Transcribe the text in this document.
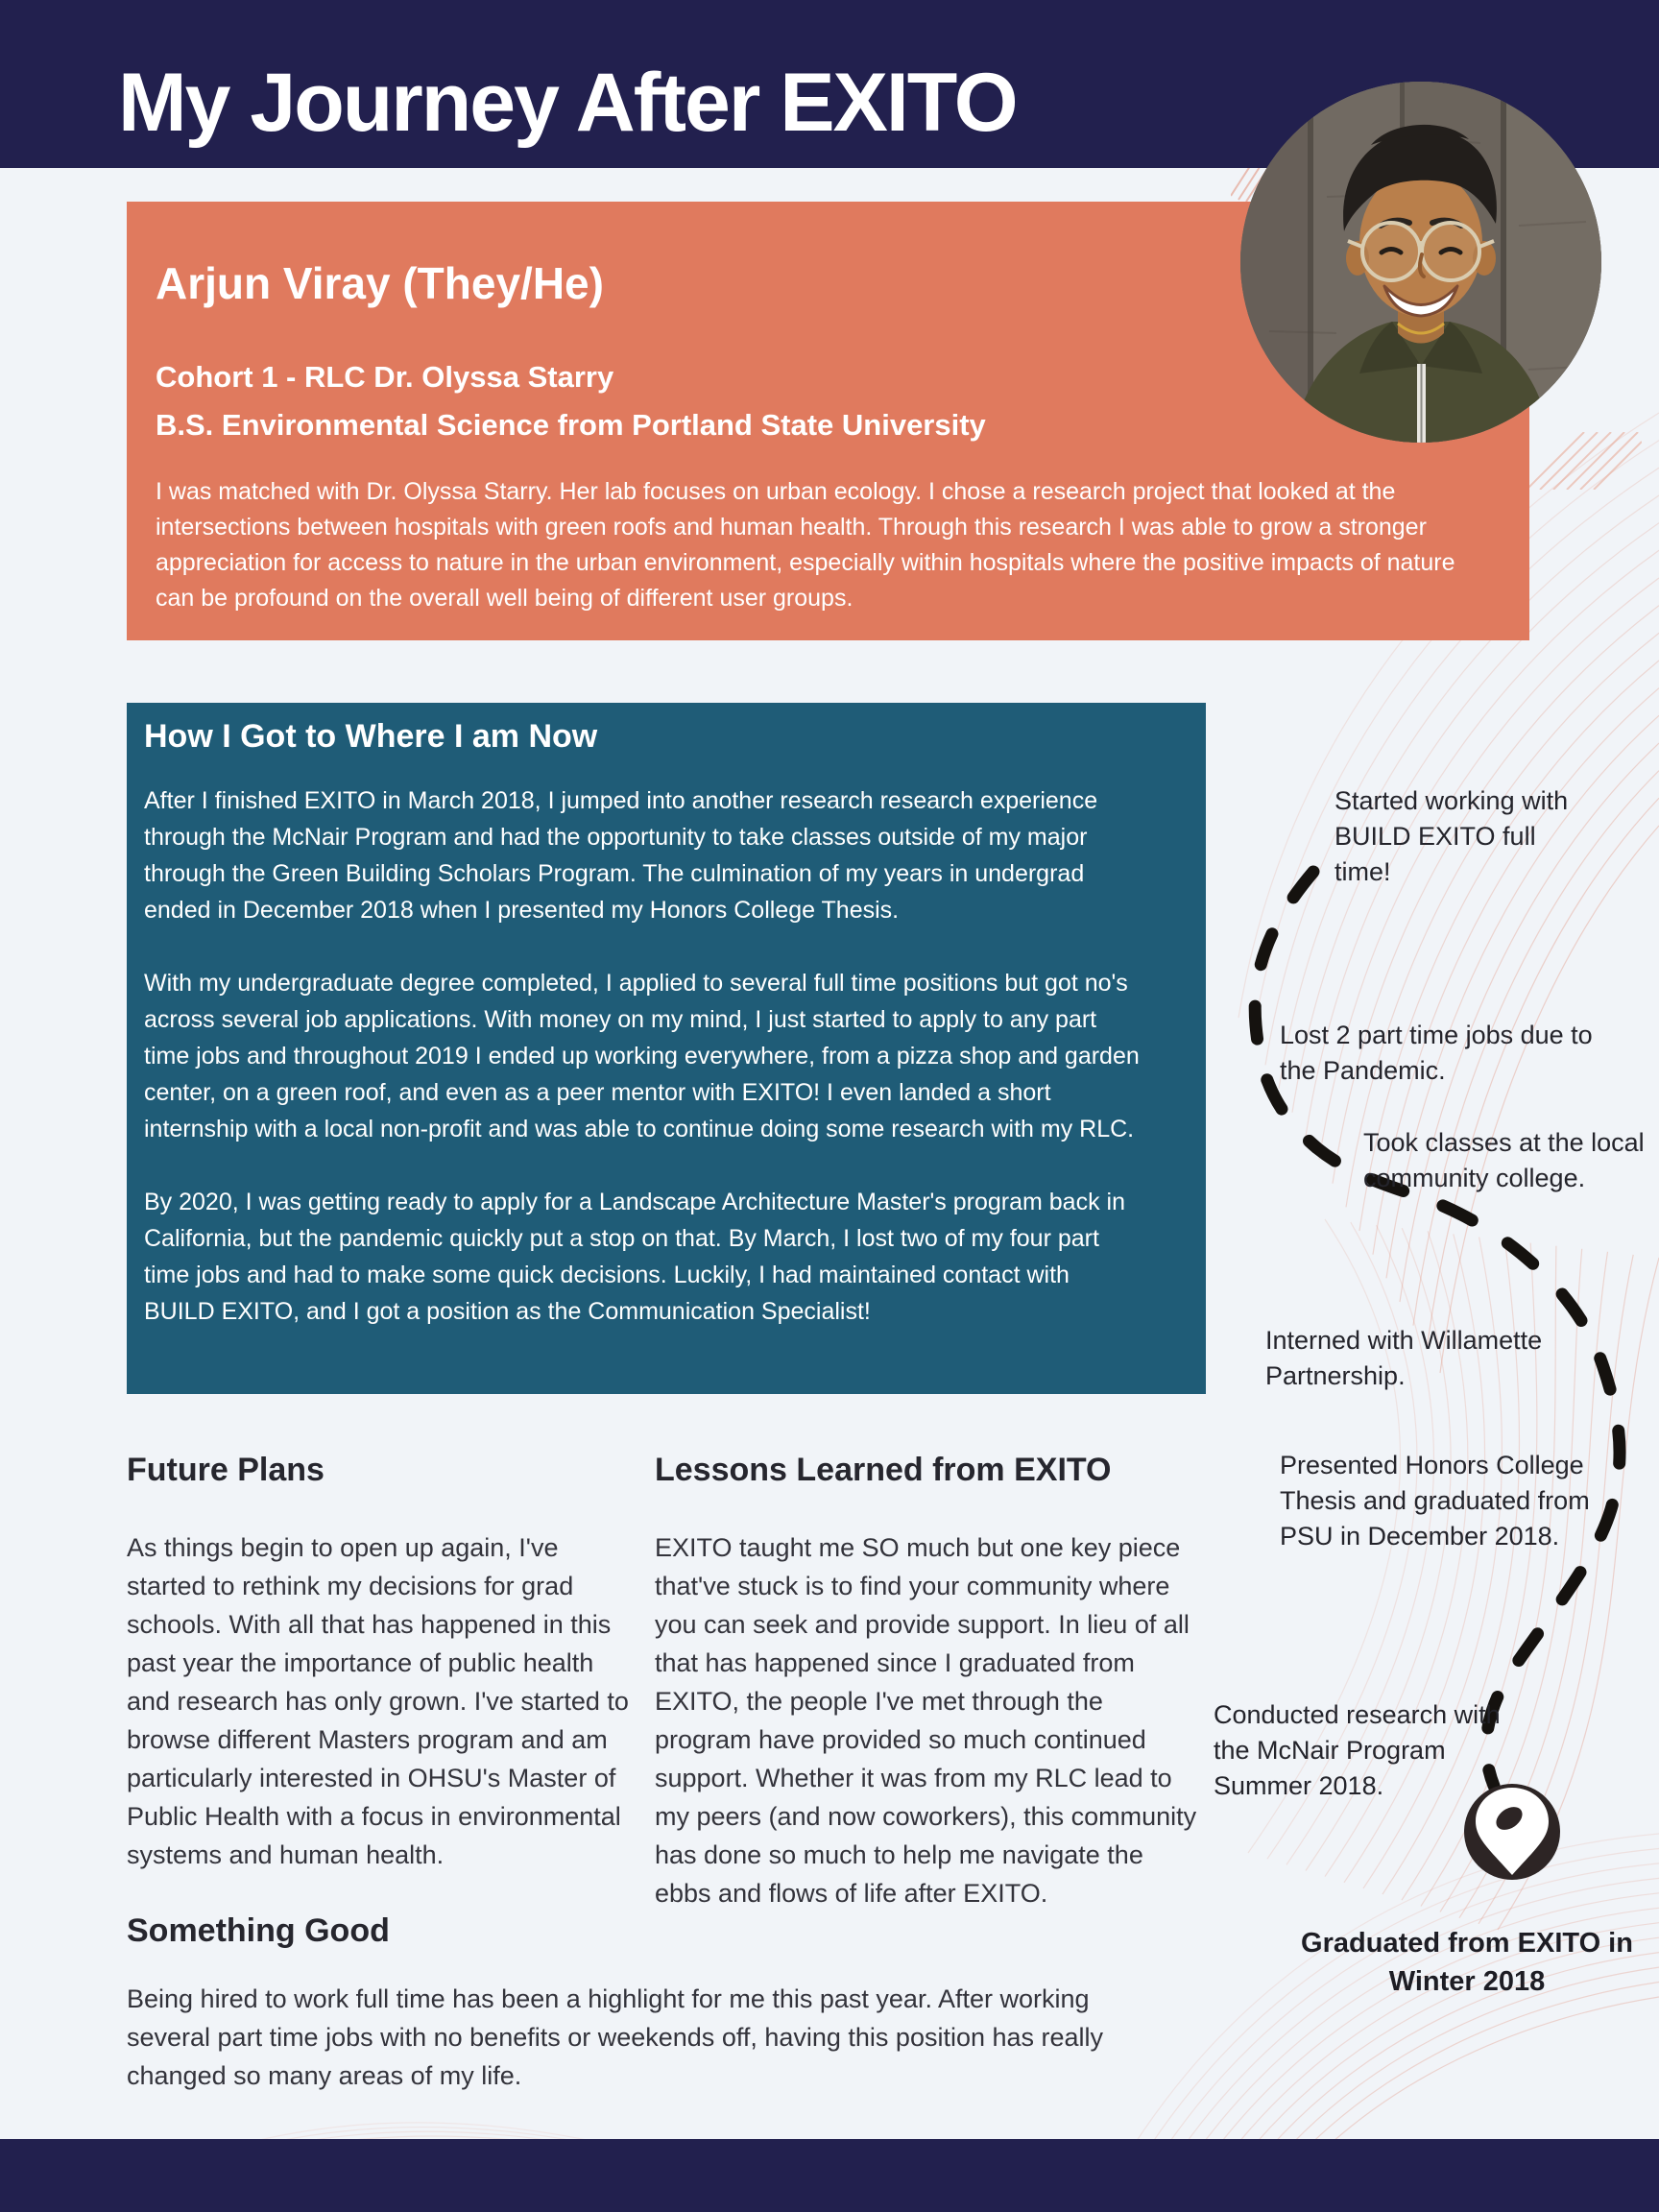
My Journey After EXITO
Arjun Viray (They/He)
Cohort 1 - RLC Dr. Olyssa Starry
B.S. Environmental Science from Portland State University

I was matched with Dr. Olyssa Starry. Her lab focuses on urban ecology. I chose a research project that looked at the intersections between hospitals with green roofs and human health. Through this research I was able to grow a stronger appreciation for access to nature in the urban environment, especially within hospitals where the positive impacts of nature can be profound on the overall well being of different user groups.

How I Got to Where I am Now

After I finished EXITO in March 2018, I jumped into another research research experience through the McNair Program and had the opportunity to take classes outside of my major through the Green Building Scholars Program. The culmination of my years in undergrad ended in December 2018 when I presented my Honors College Thesis.

With my undergraduate degree completed, I applied to several full time positions but got no's across several job applications. With money on my mind, I just started to apply to any part time jobs and throughout 2019 I ended up working everywhere, from a pizza shop and garden center, on a green roof, and even as a peer mentor with EXITO! I even landed a short internship with a local non-profit and was able to continue doing some research with my RLC.

By 2020, I was getting ready to apply for a Landscape Architecture Master's program back in California, but the pandemic quickly put a stop on that. By March, I lost two of my four part time jobs and had to make some quick decisions. Luckily, I had maintained contact with BUILD EXITO, and I got a position as the Communication Specialist!

Started working with BUILD EXITO full time!
Lost 2 part time jobs due to the Pandemic.
Took classes at the local community college.
Interned with Willamette Partnership.
Presented Honors College Thesis and graduated from PSU in December 2018.
Conducted research with the McNair Program Summer 2018.
Graduated from EXITO in Winter 2018
Future Plans

As things begin to open up again, I've started to rethink my decisions for grad schools. With all that has happened in this past year the importance of public health and research has only grown. I've started to browse different Masters program and am particularly interested in OHSU's Master of Public Health with a focus in environmental systems and human health.

Lessons Learned from EXITO

EXITO taught me SO much but one key piece that've stuck is to find your community where you can seek and provide support. In lieu of all that has happened since I graduated from EXITO, the people I've met through the program have provided so much continued support. Whether it was from my RLC lead to my peers (and now coworkers), this community has done so much to help me navigate the ebbs and flows of life after EXITO.

Something Good

Being hired to work full time has been a highlight for me this past year. After working several part time jobs with no benefits or weekends off, having this position has really changed so many areas of my life.
